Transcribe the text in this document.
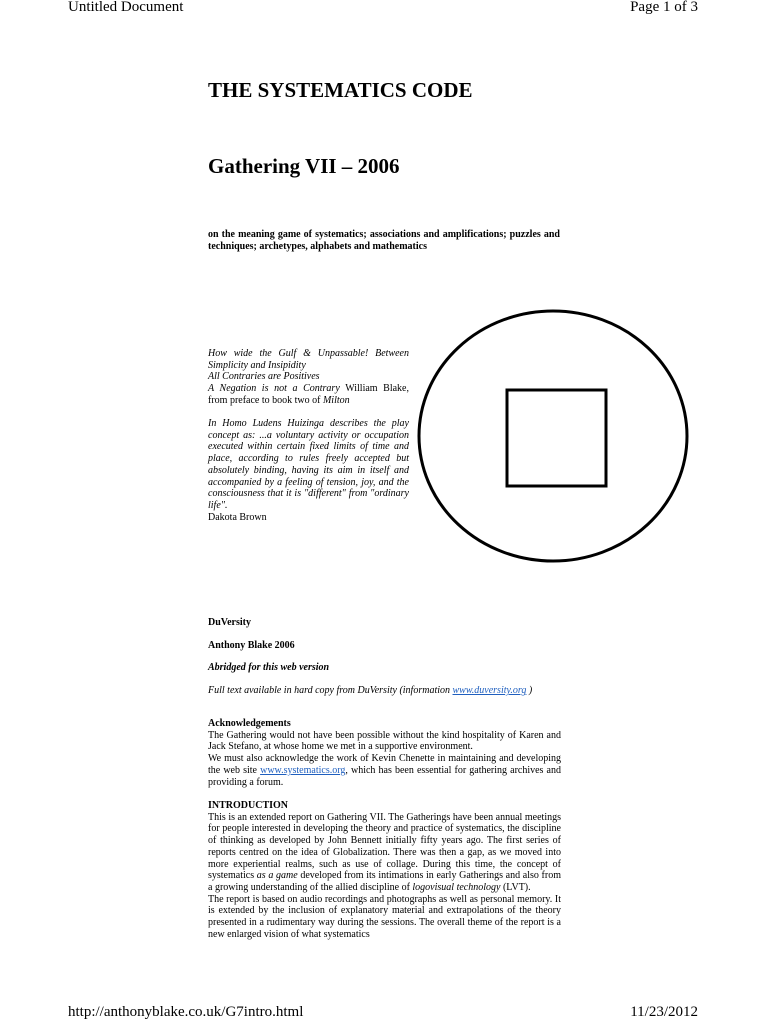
Untitled Document	Page 1 of 3
THE SYSTEMATICS CODE
Gathering VII – 2006

on the meaning game of systematics; associations and amplifications; puzzles and techniques; archetypes, alphabets and mathematics

How wide the Gulf & Unpassable! Between Simplicity and Insipidity
All Contraries are Positives
A Negation is not a Contrary William Blake, from preface to book two of Milton
In Homo Ludens Huizinga describes the play concept as: ...a voluntary activity or occupation executed within certain fixed limits of time and place, according to rules freely accepted but absolutely binding, having its aim in itself and accompanied by a feeling of tension, joy, and the consciousness that it is "different" from "ordinary life".
Dakota Brown
DuVersity
Anthony Blake 2006
Abridged for this web version
Full text available in hard copy from DuVersity (information www.duversity.org )

Acknowledgements

The Gathering would not have been possible without the kind hospitality of Karen and Jack Stefano, at whose home we met in a supportive environment.

We must also acknowledge the work of Kevin Chenette in maintaining and developing the web site www.systematics.org, which has been essential for gathering archives and providing a forum.

INTRODUCTION

This is an extended report on Gathering VII. The Gatherings have been annual meetings for people interested in developing the theory and practice of systematics, the discipline of thinking as developed by John Bennett initially fifty years ago. The first series of reports centred on the idea of Globalization. There was then a gap, as we moved into more experiential realms, such as use of collage. During this time, the concept of systematics as a game developed from its intimations in early Gatherings and also from a growing understanding of the allied discipline of logovisual technology (LVT).

The report is based on audio recordings and photographs as well as personal memory. It is extended by the inclusion of explanatory material and extrapolations of the theory presented in a rudimentary way during the sessions. The overall theme of the report is a new enlarged vision of what systematics

http://anthonyblake.co.uk/G7intro.html	11/23/2012
